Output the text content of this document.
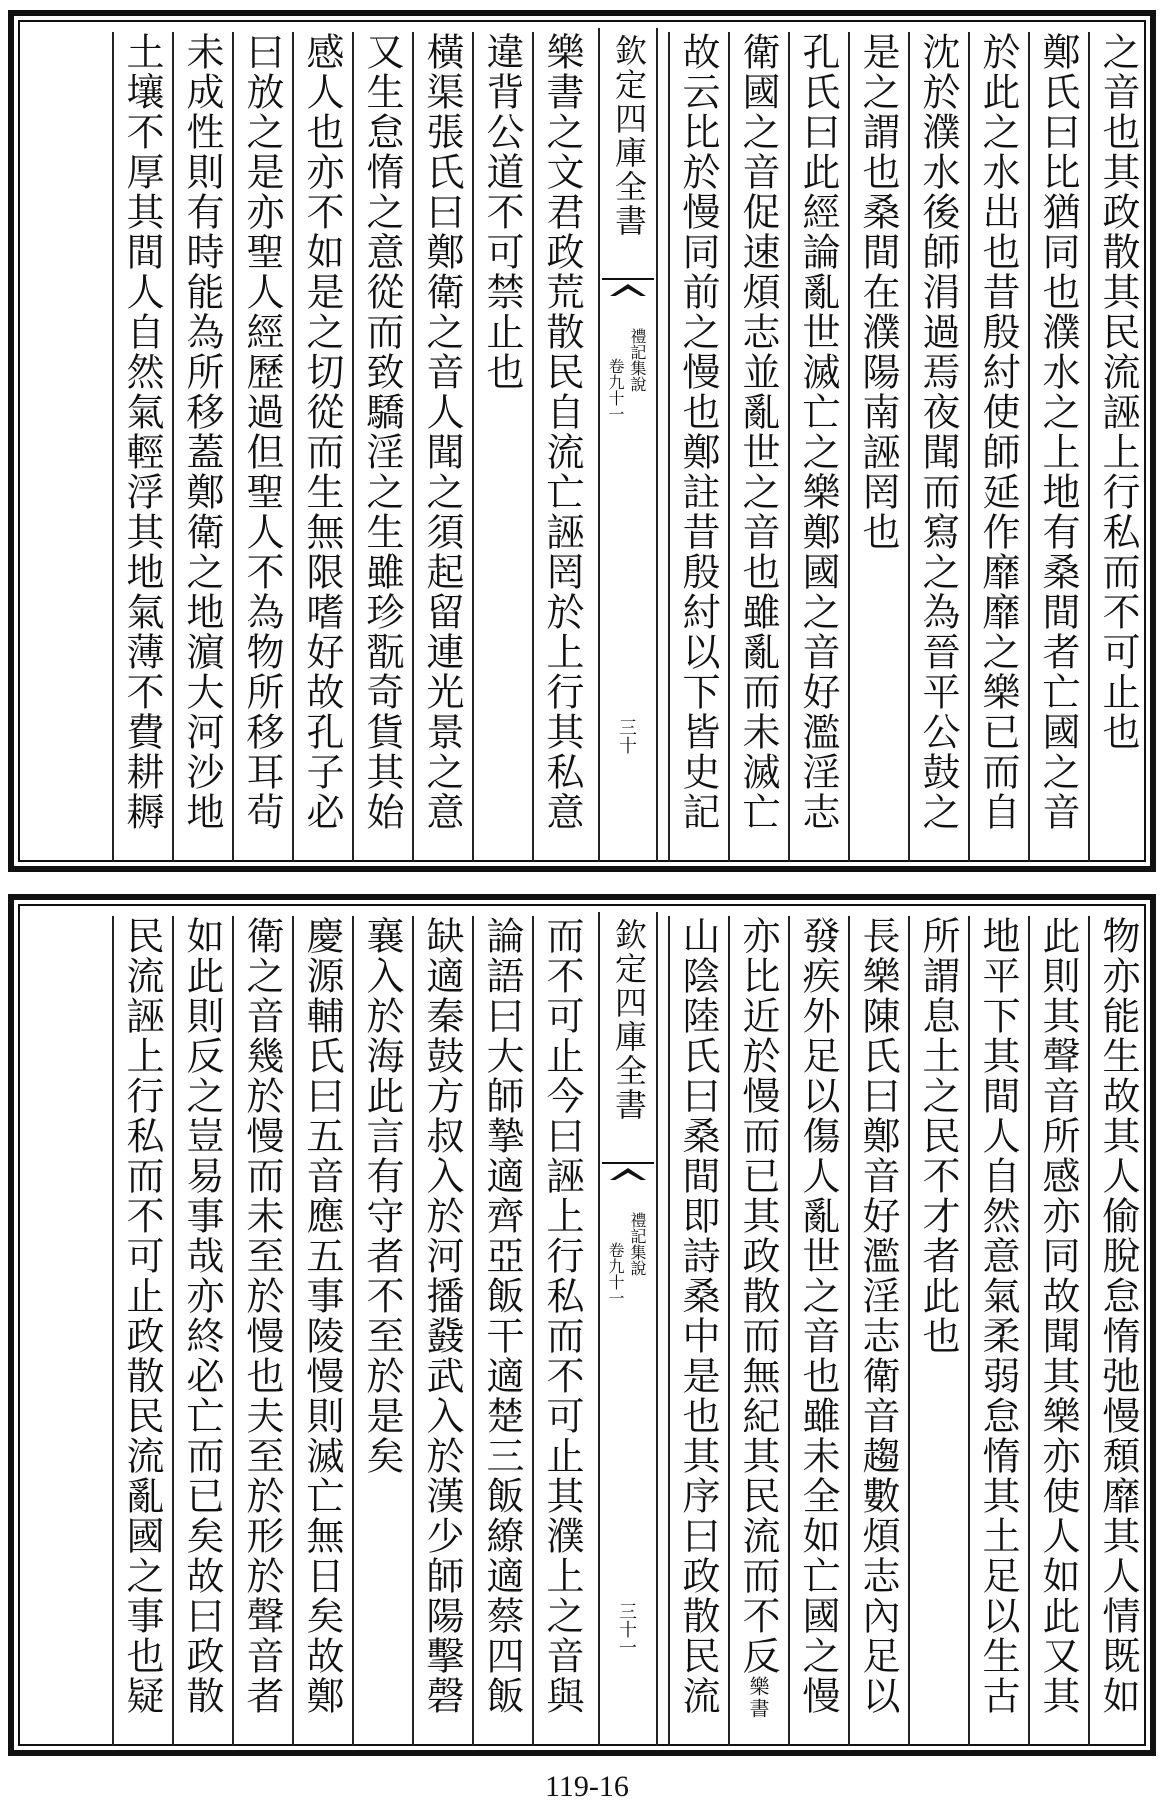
之音也其政散其民流誣上行私而不可止也
鄭氏曰比猶同也濮水之上地有桑間者亡國之音
於此之水出也昔殷紂使師延作靡靡之樂已而自
沈於濮水後師涓過焉夜聞而寫之為晉平公鼓之
是之謂也桑間在濮陽南誣罔也
孔氏曰此經論亂世滅亡之樂鄭國之音好濫淫志
衛國之音促速煩志並亂世之音也雖亂而未滅亡
故云比於慢同前之慢也鄭註昔殷紂以下皆史記
欽定四庫全書
禮記集說
卷九十一
三十
樂書之文君政荒散民自流亡誣罔於上行其私意
違背公道不可禁止也
橫渠張氏曰鄭衛之音人聞之須起留連光景之意
又生怠惰之意從而致驕淫之生雖珍翫奇貨其始
感人也亦不如是之切從而生無限嗜好故孔子必
曰放之是亦聖人經歷過但聖人不為物所移耳茍
未成性則有時能為所移蓋鄭衛之地濵大河沙地
土壤不厚其間人自然氣輕浮其地氣薄不費耕耨
物亦能生故其人偷脫怠惰弛慢頹靡其人情既如
此則其聲音所感亦同故聞其樂亦使人如此又其
地平下其間人自然意氣柔弱怠惰其土足以生古
所謂息土之民不才者此也
長樂陳氏曰鄭音好濫淫志衛音趨數煩志內足以
發疾外足以傷人亂世之音也雖未全如亡國之慢
亦比近於慢而已其政散而無紀其民流而不反樂書
山陰陸氏曰桑間即詩桑中是也其序曰政散民流
欽定四庫全書
禮記集說
卷九十一
三十一
而不可止今曰誣上行私而不可止其濮上之音與
論語曰大師摯適齊亞飯干適楚三飯繚適蔡四飯
缺適秦鼓方叔入於河播鼗武入於漢少師陽擊磬
襄入於海此言有守者不至於是矣
慶源輔氏曰五音應五事陵慢則滅亡無日矣故鄭
衛之音幾於慢而未至於慢也夫至於形於聲音者
如此則反之豈易事哉亦終必亡而已矣故曰政散
民流誣上行私而不可止政散民流亂國之事也疑
119-16
